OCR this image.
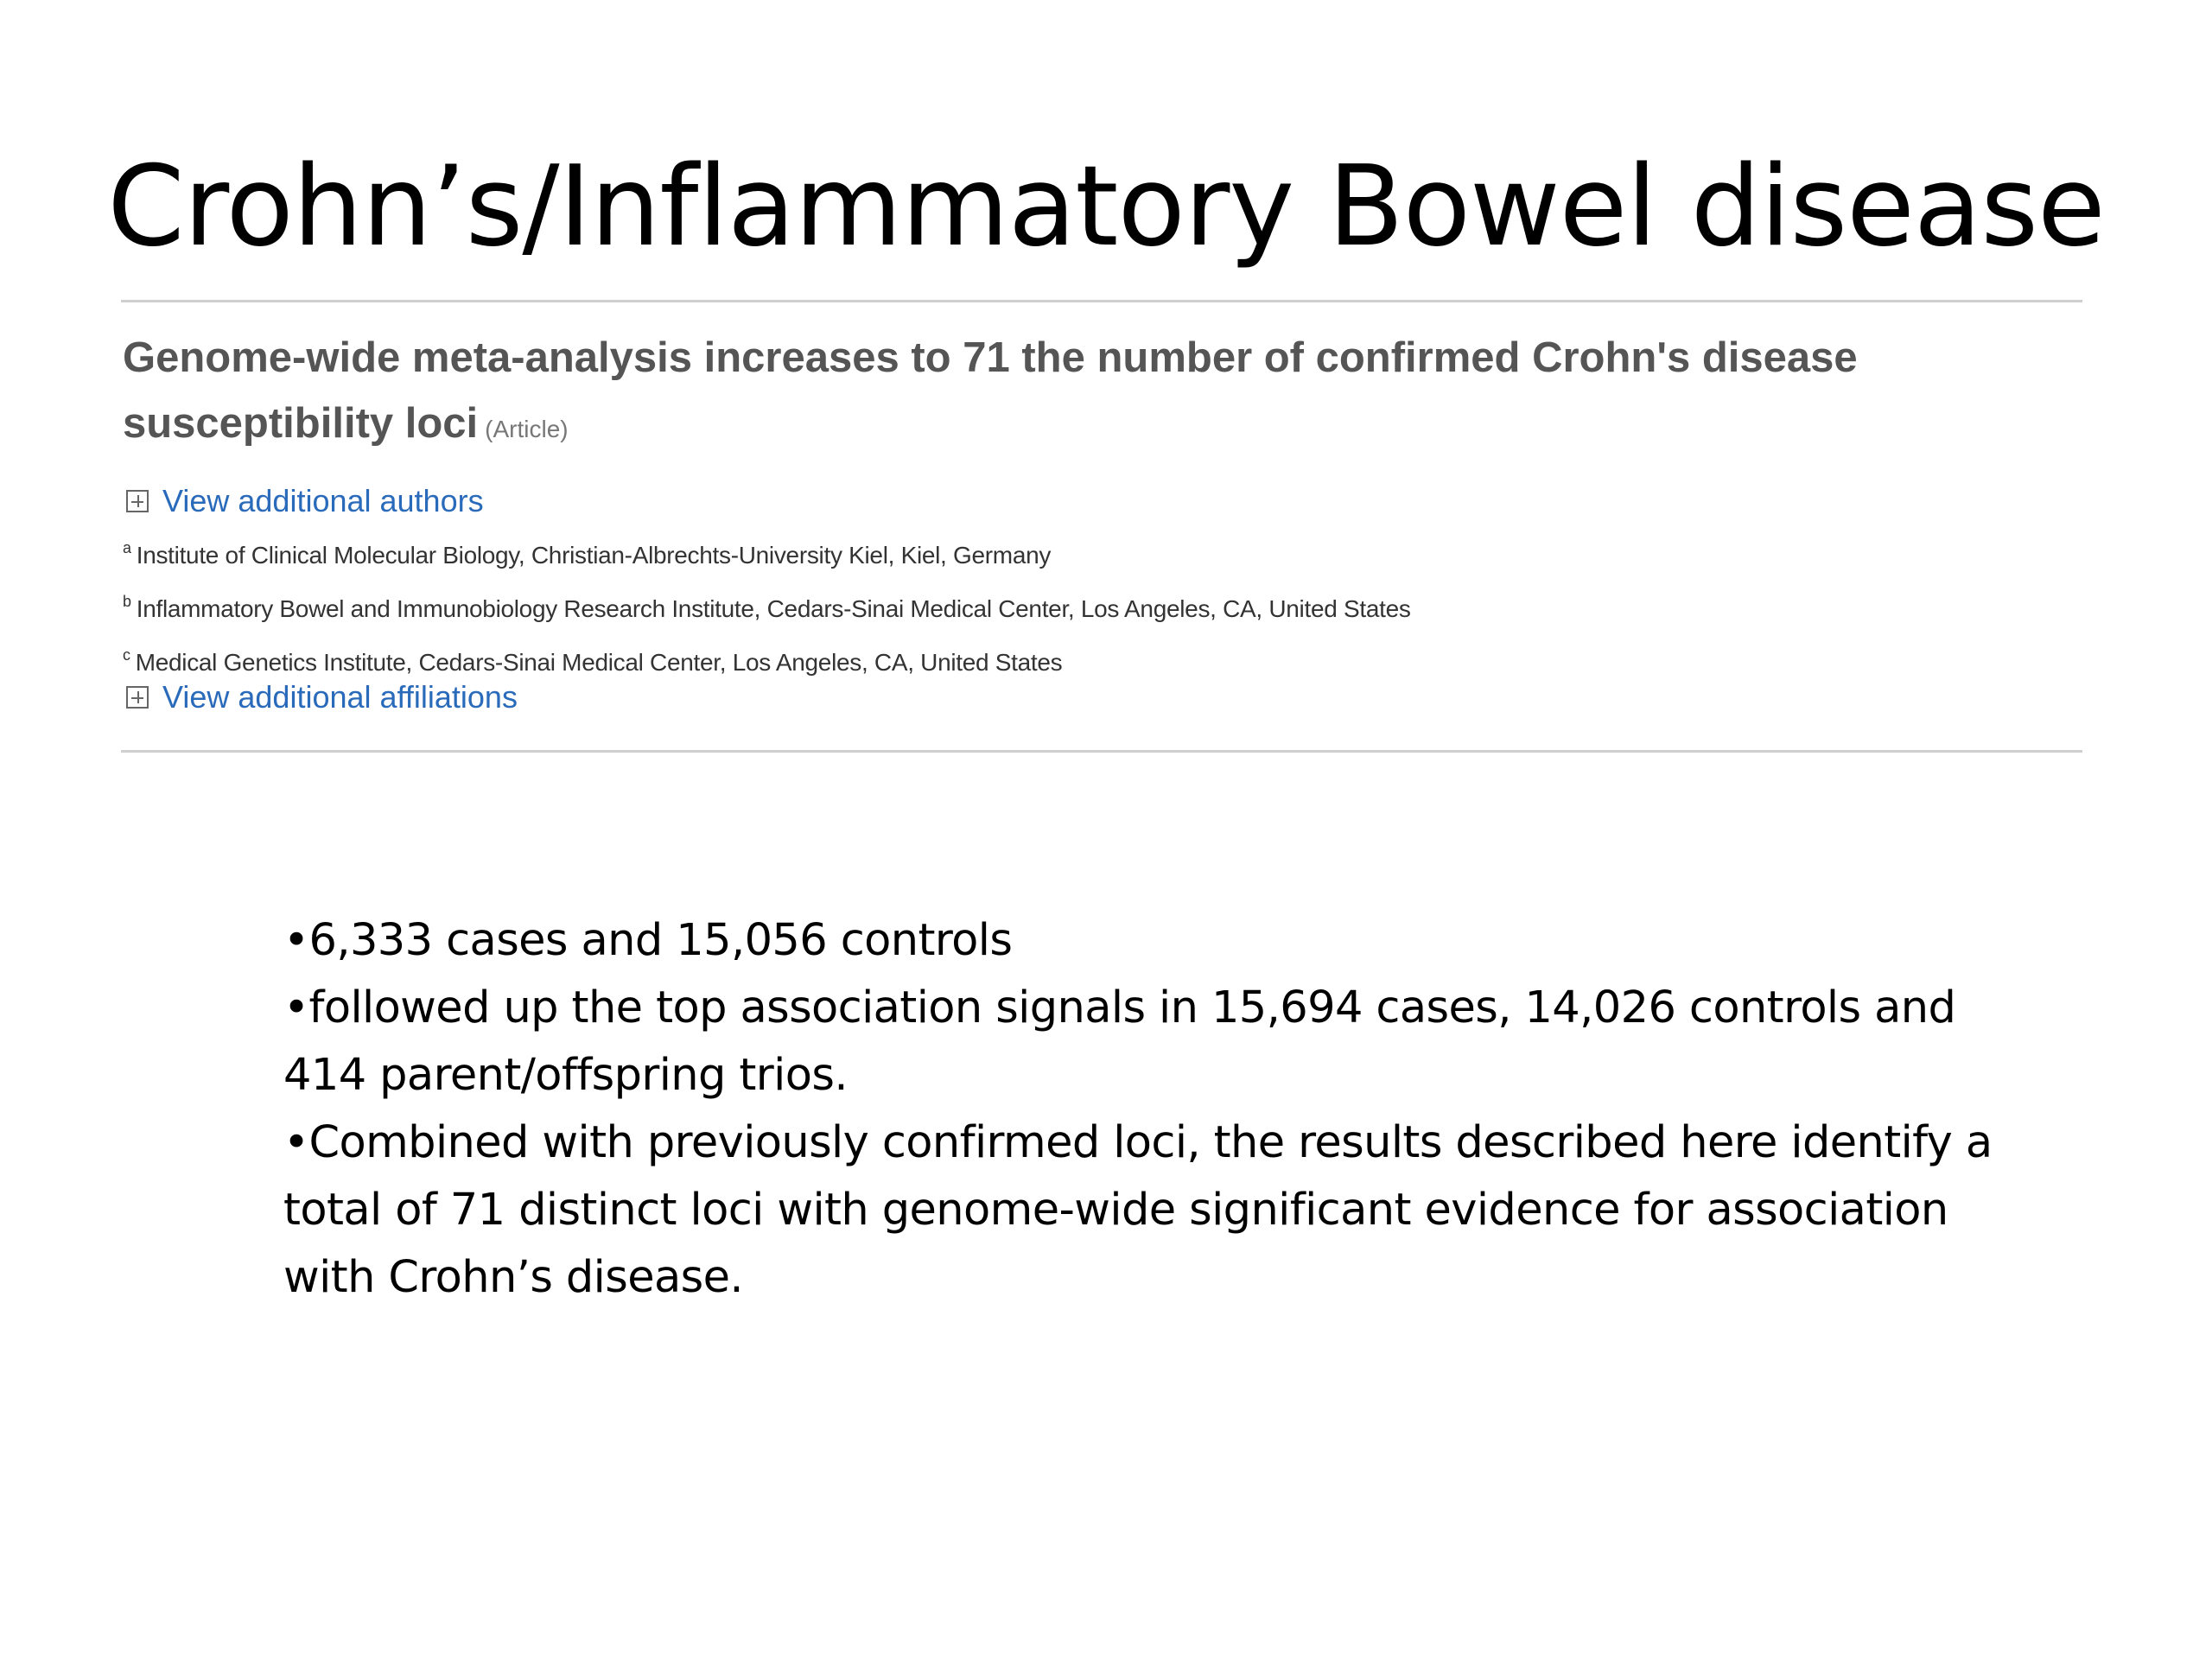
Crohn’s/Inflammatory Bowel disease
Genome-wide meta-analysis increases to 71 the number of confirmed Crohn's disease susceptibility loci (Article)
View additional authors
$^a$ Institute of Clinical Molecular Biology, Christian-Albrechts-University Kiel, Kiel, Germany
$^b$ Inflammatory Bowel and Immunobiology Research Institute, Cedars-Sinai Medical Center, Los Angeles, CA, United States
$^c$ Medical Genetics Institute, Cedars-Sinai Medical Center, Los Angeles, CA, United States
View additional affiliations

•6,333 cases and 15,056 controls

•followed up the top association signals in 15,694 cases, 14,026 controls and 414 parent/offspring trios.

•Combined with previously confirmed loci, the results described here identify a total of 71 distinct loci with genome-wide significant evidence for association with Crohn’s disease.
